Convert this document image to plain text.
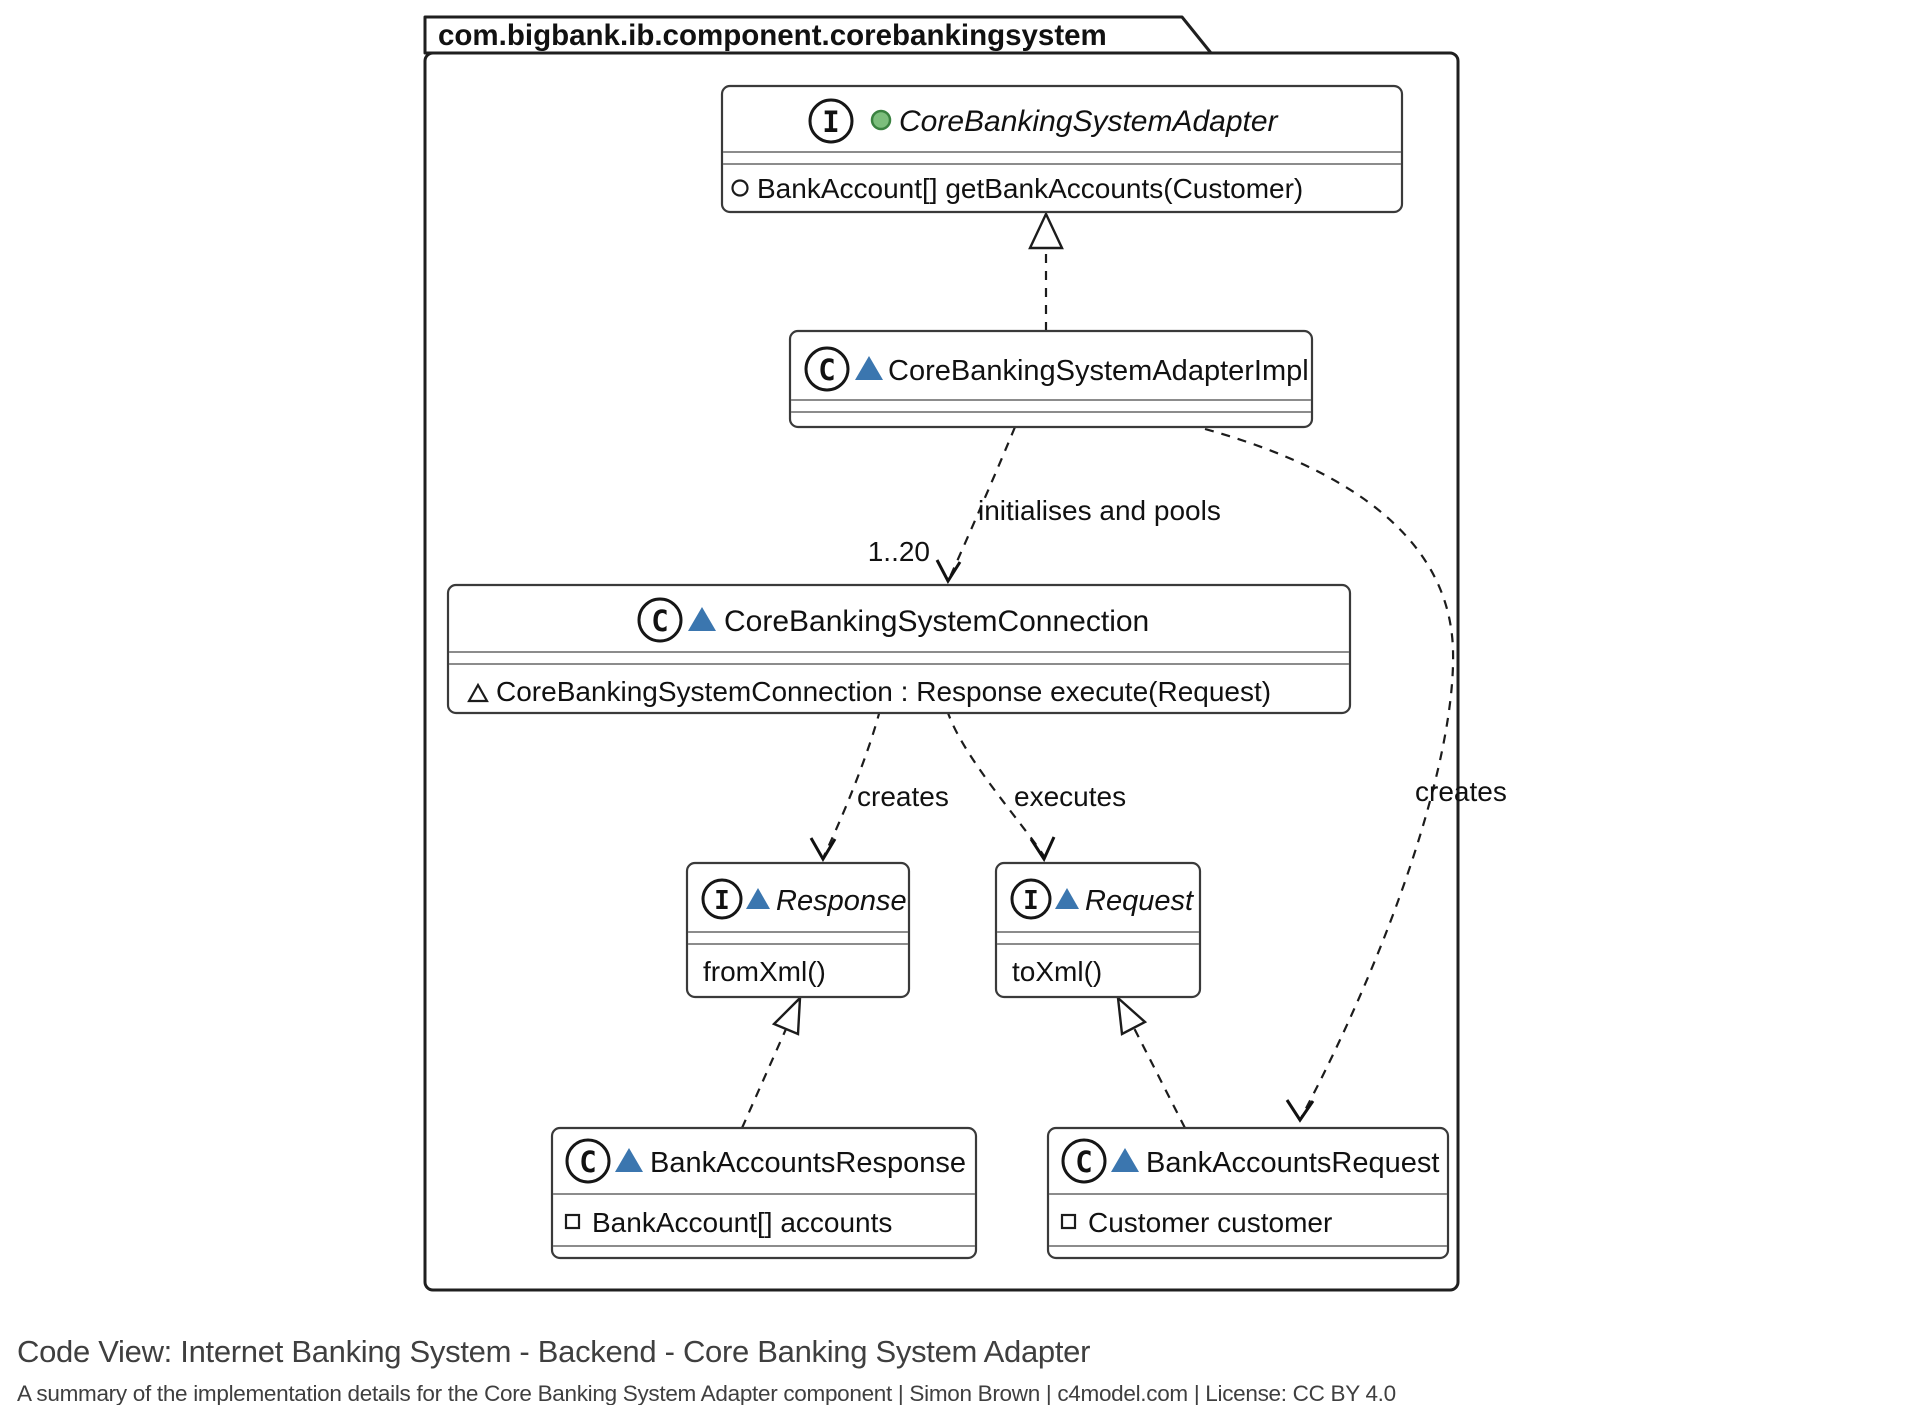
com.bigbank.ib.component.corebankingsystem
initialises and pools
1..20
creates executes	creates
I CoreBankingSystemAdapter
BankAccount[] getBankAccounts(Customer)
C CoreBankingSystemAdapterImpl
C CoreBankingSystemConnection
CoreBankingSystemConnection : Response execute(Request)
I Response
fromXml()
I Request
toXml()
C BankAccountsResponse
BankAccount[] accounts
C BankAccountsRequest
Customer customer
Code View: Internet Banking System - Backend - Core Banking System Adapter
A summary of the implementation details for the Core Banking System Adapter component | Simon Brown | c4model.com | License: CC BY 4.0
